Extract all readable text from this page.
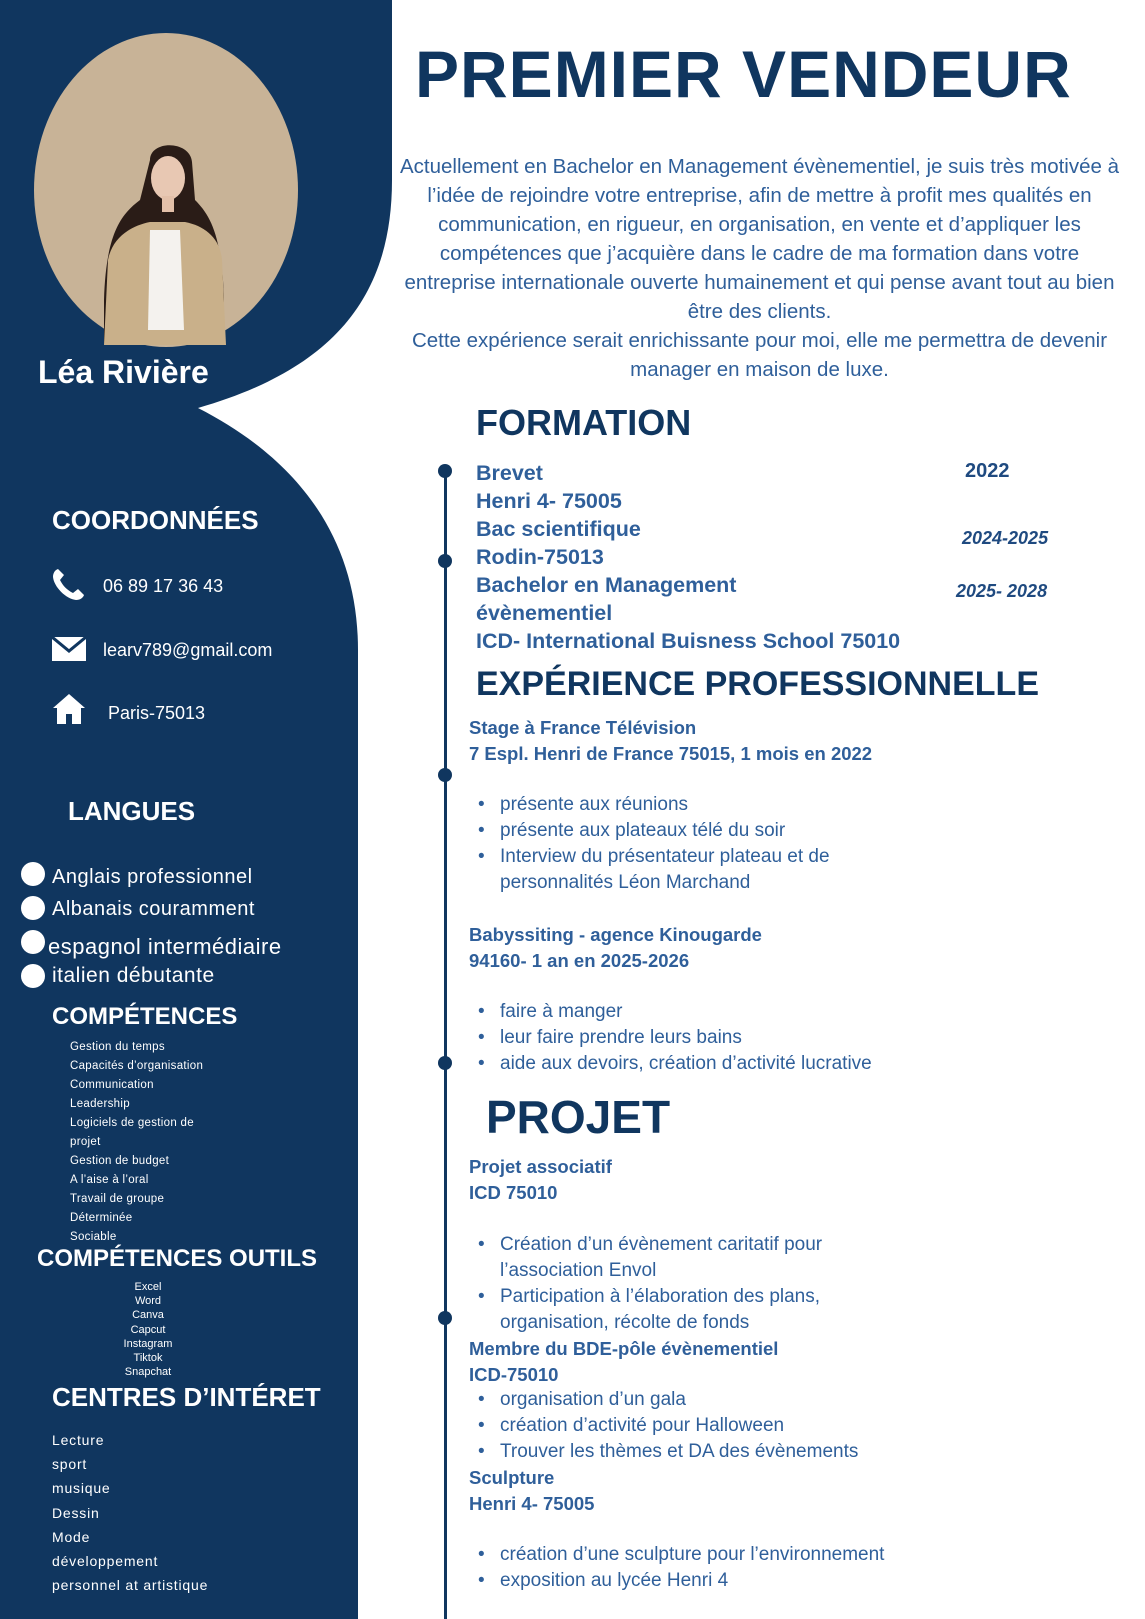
PREMIER VENDEUR
Actuellement en Bachelor en Management évènementiel, je suis très motivée à l’idée de rejoindre votre entreprise, afin de mettre à profit mes qualités en communication, en rigueur, en organisation, en vente et d’appliquer les compétences que j’acquière dans le cadre de ma formation dans votre entreprise internationale ouverte humainement et qui pense avant tout au bien être des clients.
Cette expérience serait enrichissante pour moi, elle me permettra de devenir manager en maison de luxe.
Léa Rivière
COORDONNÉES
06 89 17 36 43
learv789@gmail.com
Paris-75013
LANGUES
Anglais professionnel
Albanais couramment
espagnol intermédiaire
italien débutante
COMPÉTENCES
Gestion du temps
Capacités d’organisation
Communication
Leadership
Logiciels de gestion de projet
Gestion de budget
A l’aise à l’oral
Travail de groupe
Déterminée
Sociable
COMPÉTENCES OUTILS
Excel
Word
Canva
Capcut
Instagram
Tiktok
Snapchat
CENTRES D’INTÉRET
Lecture
sport
musique
Dessin
Mode
développement
personnel at artistique
FORMATION
Brevet
Henri 4- 75005
Bac scientifique
Rodin-75013
Bachelor en Management
évènementiel
ICD- International Buisness School 75010
2022
2024-2025
2025- 2028
EXPÉRIENCE PROFESSIONNELLE
Stage à France Télévision
7 Espl. Henri de France 75015, 1 mois en 2022
• présente aux réunions
• présente aux plateaux télé du soir
• Interview du présentateur plateau et de personnalités Léon Marchand
Babyssiting - agence Kinougarde
94160- 1 an en 2025-2026
• faire à manger
• leur faire prendre leurs bains
• aide aux devoirs, création d’activité lucrative
PROJET
Projet associatif
ICD 75010
• Création d’un évènement caritatif pour l’association Envol
• Participation à l’élaboration des plans, organisation, récolte de fonds
Membre du BDE-pôle évènementiel
ICD-75010
• organisation d’un gala
• création d’activité pour Halloween
• Trouver les thèmes et DA des évènements
Sculpture
Henri 4- 75005
• création d’une sculpture pour l’environnement
• exposition au lycée Henri 4
